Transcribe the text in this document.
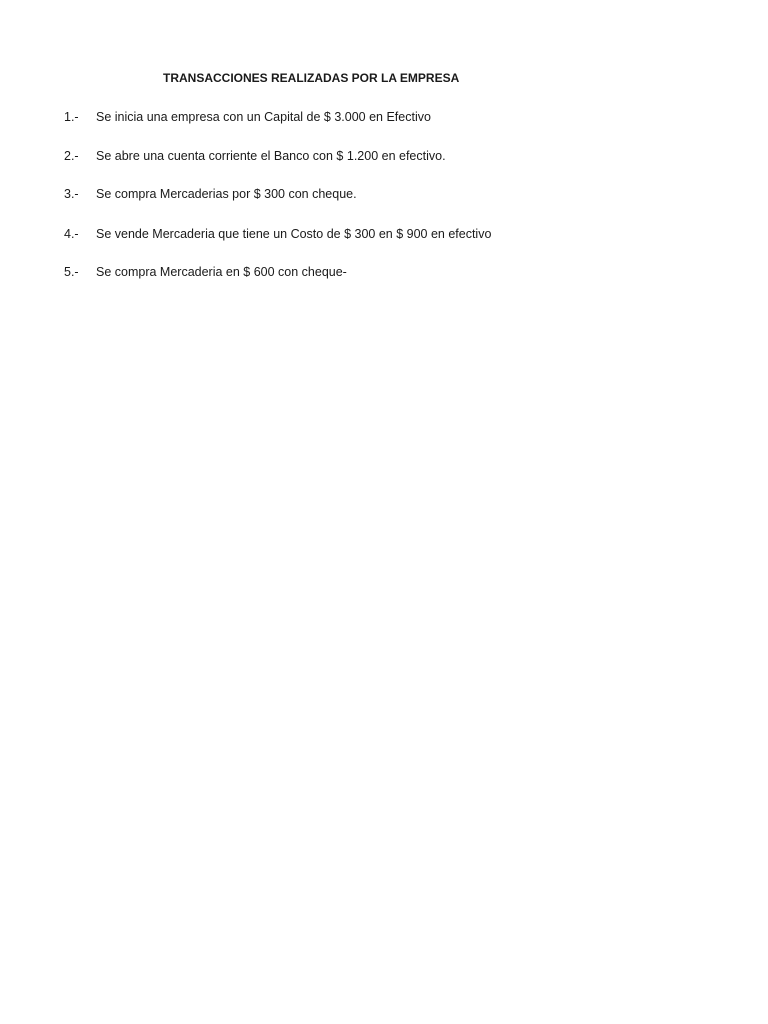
TRANSACCIONES REALIZADAS POR LA EMPRESA
1.- Se inicia una empresa con un Capital de $ 3.000 en Efectivo
2.- Se abre una cuenta corriente el Banco con $ 1.200 en efectivo.
3.- Se compra Mercaderias por $ 300 con cheque.
4.- Se vende Mercaderia que tiene un Costo de $ 300 en $ 900 en efectivo
5.- Se compra Mercaderia en $ 600 con cheque-
